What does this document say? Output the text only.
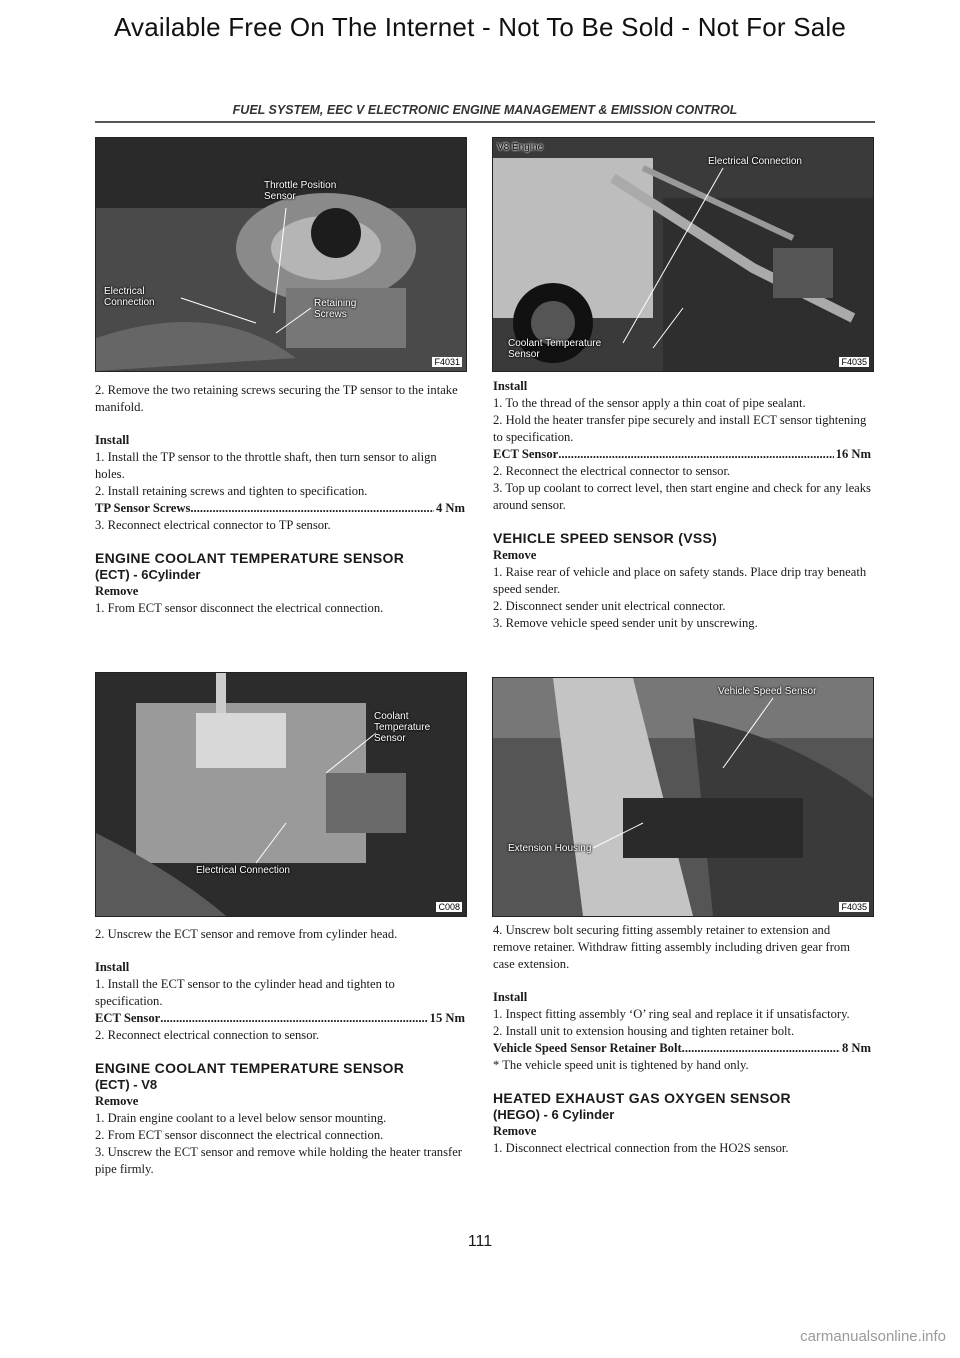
Available Free On The Internet - Not To Be Sold - Not For Sale
FUEL SYSTEM, EEC V ELECTRONIC ENGINE MANAGEMENT & EMISSION CONTROL
Throttle Position Sensor
Electrical Connection	Retaining Screws
F4031
V8 Engine
Electrical Connection
Coolant Temperature Sensor
F4035
Coolant Temperature Sensor
Electrical Connection
C008
Vehicle Speed Sensor
Extension Housing
F4035

2. Remove the two retaining screws securing the TP sensor to the intake manifold.

Install

1. Install the TP sensor to the throttle shaft, then turn sensor to align holes.

2. Install retaining screws and tighten to specification.

TP Sensor Screws .....	4 Nm

3. Reconnect electrical connector to TP sensor.

ENGINE COOLANT TEMPERATURE SENSOR

(ECT) - 6Cylinder

Remove

1. From ECT sensor disconnect the electrical connection.

2. Unscrew the ECT sensor and remove from cylinder head.

Install

1. Install the ECT sensor to the cylinder head and tighten to specification.

ECT Sensor .....	15 Nm

2. Reconnect electrical connection to sensor.

ENGINE COOLANT TEMPERATURE SENSOR

(ECT) - V8

Remove

1. Drain engine coolant to a level below sensor mounting.

2. From ECT sensor disconnect the electrical connection.

3. Unscrew the ECT sensor and remove while holding the heater transfer pipe firmly.

Install

1. To the thread of the sensor apply a thin coat of pipe sealant.

2. Hold the heater transfer pipe securely and install ECT sensor tightening to specification.

ECT Sensor .....	16 Nm

2. Reconnect the electrical connector to sensor.

3. Top up coolant to correct level, then start engine and check for any leaks around sensor.

VEHICLE SPEED SENSOR (VSS)

Remove

1. Raise rear of vehicle and place on safety stands. Place drip tray beneath speed sender.

2. Disconnect sender unit electrical connector.

3. Remove vehicle speed sender unit by unscrewing.

4. Unscrew bolt securing fitting assembly retainer to extension and remove retainer. Withdraw fitting assembly including driven gear from case extension.

Install

1. Inspect fitting assembly ‘O’ ring seal and replace it if unsatisfactory.

2. Install unit to extension housing and tighten retainer bolt.

Vehicle Speed Sensor Retainer Bolt .....	8 Nm

* The vehicle speed unit is tightened by hand only.

HEATED EXHAUST GAS OXYGEN SENSOR

(HEGO) - 6 Cylinder

Remove

1. Disconnect electrical connection from the HO2S sensor.

111
carmanualsonline.info
